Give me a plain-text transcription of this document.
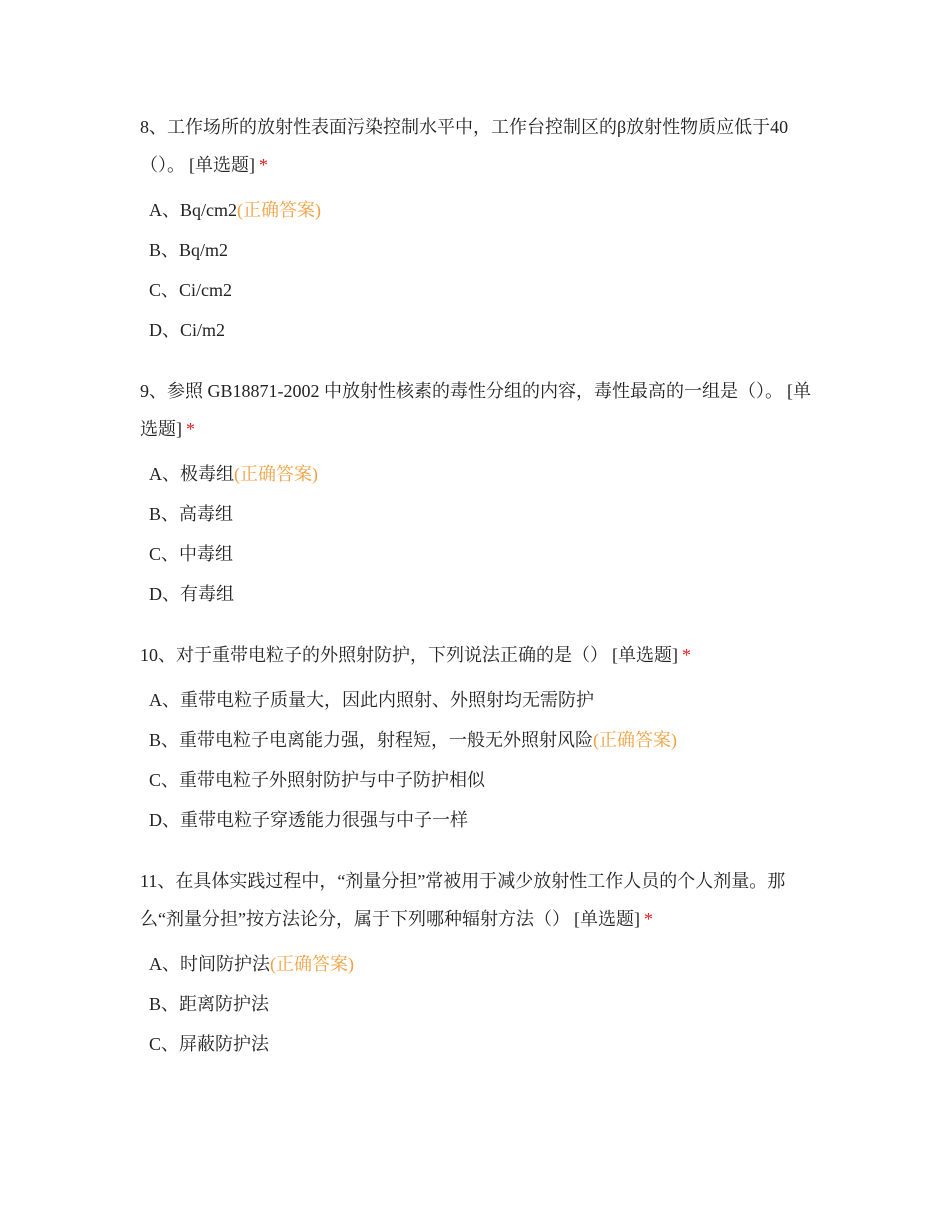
8、工作场所的放射性表面污染控制水平中，工作台控制区的β放射性物质应低于40（）。 [单选题] *

A、Bq/cm2(正确答案)
B、Bq/m2
C、Ci/cm2
D、Ci/m2

9、参照 GB18871-2002 中放射性核素的毒性分组的内容，毒性最高的一组是（）。 [单选题] *

A、极毒组(正确答案)
B、高毒组
C、中毒组
D、有毒组

10、对于重带电粒子的外照射防护，下列说法正确的是（） [单选题] *

A、重带电粒子质量大，因此内照射、外照射均无需防护
B、重带电粒子电离能力强，射程短，一般无外照射风险(正确答案)
C、重带电粒子外照射防护与中子防护相似
D、重带电粒子穿透能力很强与中子一样

11、在具体实践过程中，“剂量分担”常被用于减少放射性工作人员的个人剂量。那么“剂量分担”按方法论分，属于下列哪种辐射方法（） [单选题] *

A、时间防护法(正确答案)
B、距离防护法
C、屏蔽防护法
